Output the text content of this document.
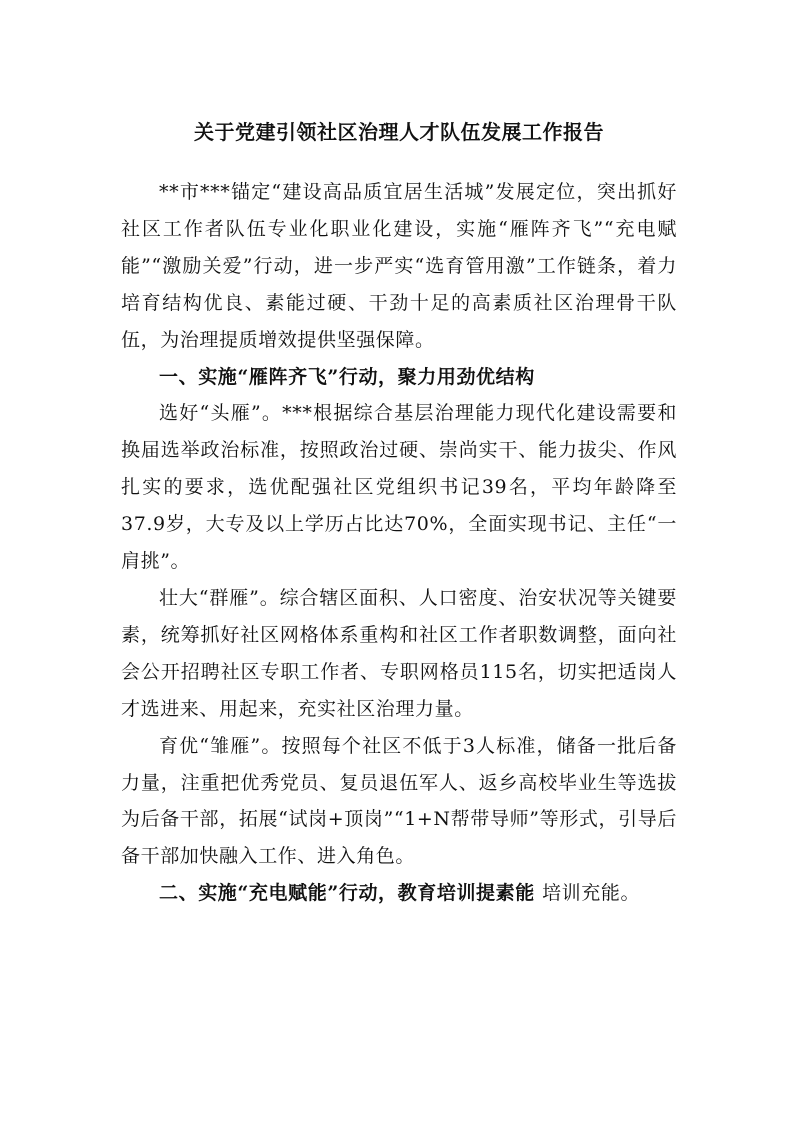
关于党建引领社区治理人才队伍发展工作报告

**市***锚定“建设高品质宜居生活城”发展定位，突出抓好社区工作者队伍专业化职业化建设，实施“雁阵齐飞”“充电赋能”“激励关爱”行动，进一步严实“选育管用激”工作链条，着力培育结构优良、素能过硬、干劲十足的高素质社区治理骨干队伍，为治理提质增效提供坚强保障。

一、实施“雁阵齐飞”行动，聚力用劲优结构

选好“头雁”。***根据综合基层治理能力现代化建设需要和换届选举政治标准，按照政治过硬、崇尚实干、能力拔尖、作风扎实的要求，选优配强社区党组织书记39名，平均年龄降至37.9岁，大专及以上学历占比达70%，全面实现书记、主任“一肩挑”。

壮大“群雁”。综合辖区面积、人口密度、治安状况等关键要素，统筹抓好社区网格体系重构和社区工作者职数调整，面向社会公开招聘社区专职工作者、专职网格员115名，切实把适岗人才选进来、用起来，充实社区治理力量。

育优“雏雁”。按照每个社区不低于3人标准，储备一批后备力量，注重把优秀党员、复员退伍军人、返乡高校毕业生等选拔为后备干部，拓展“试岗+顶岗”“1+N帮带导师”等形式，引导后备干部加快融入工作、进入角色。

二、实施“充电赋能”行动，教育培训提素能 培训充能。
